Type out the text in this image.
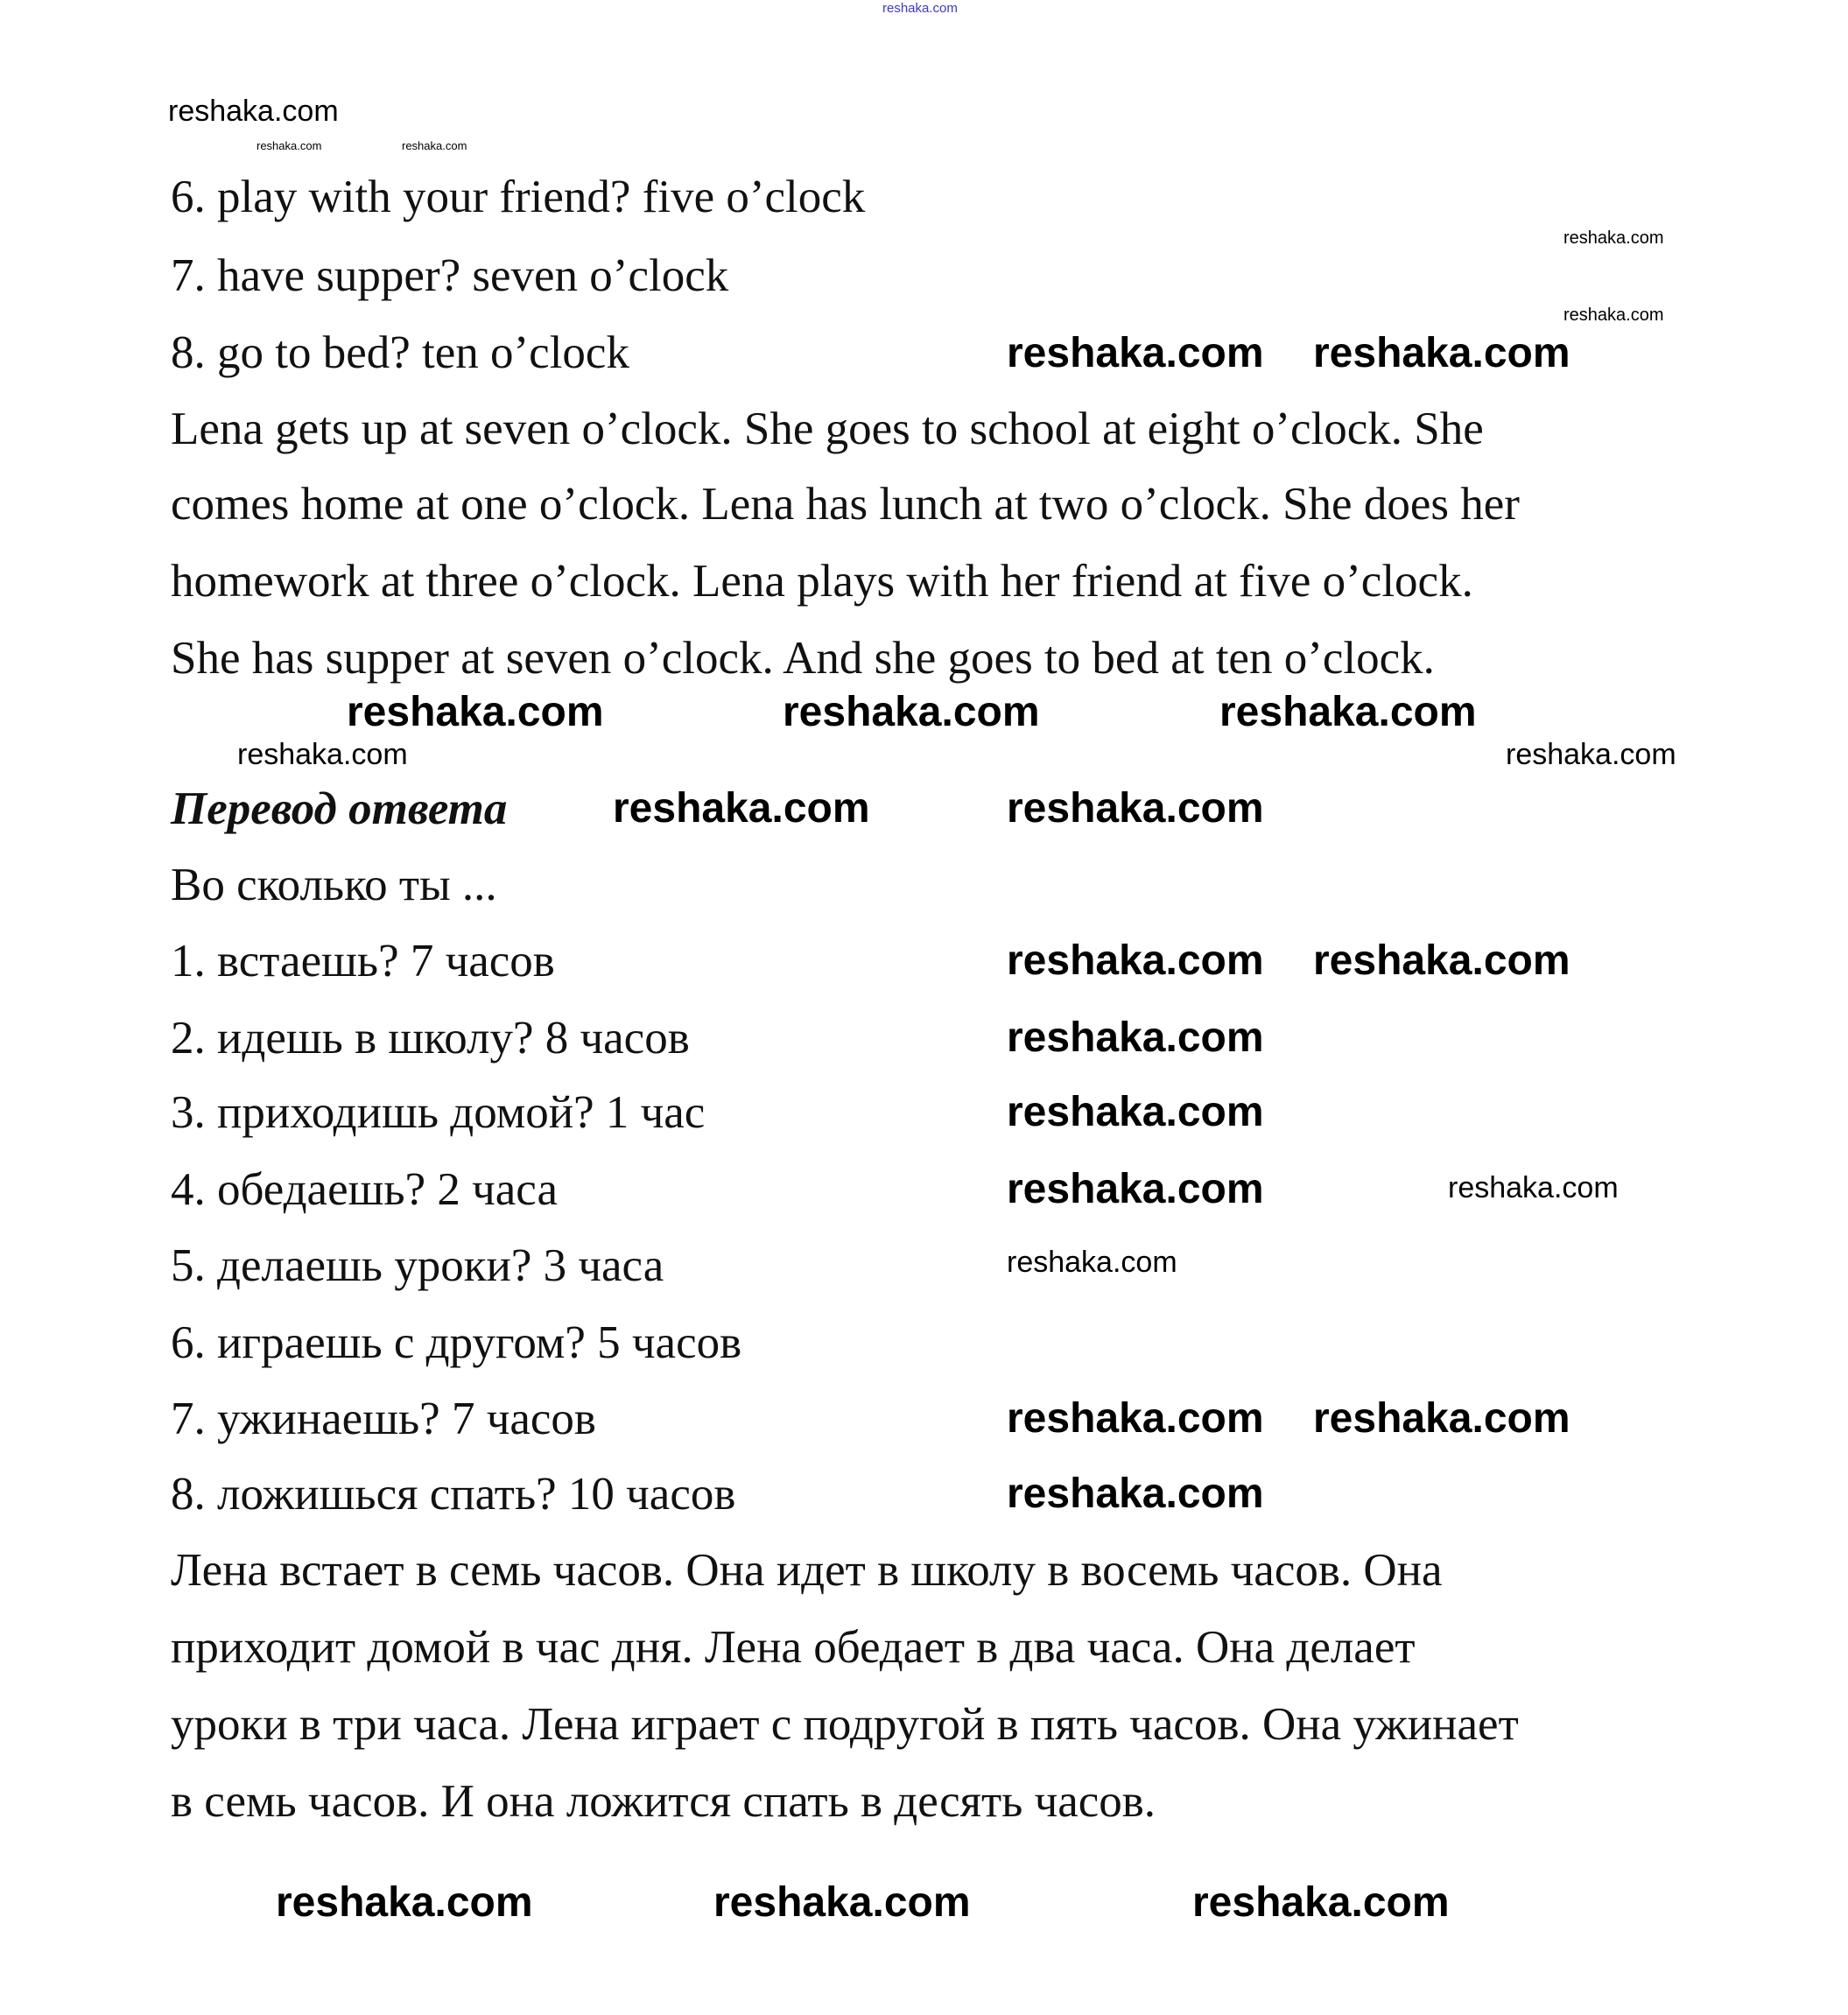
reshaka.com
6. play with your friend? five o’clock
7. have supper? seven o’clock
8. go to bed? ten o’clock
Lena gets up at seven o’clock. She goes to school at eight o’clock. She
comes home at one o’clock. Lena has lunch at two o’clock. She does her
homework at three o’clock. Lena plays with her friend at five o’clock.
She has supper at seven o’clock. And she goes to bed at ten o’clock.
Перевод ответа
Во сколько ты ...
1. встаешь? 7 часов
2. идешь в школу? 8 часов
3. приходишь домой? 1 час
4. обедаешь? 2 часа
5. делаешь уроки? 3 часа
6. играешь с другом? 5 часов
7. ужинаешь? 7 часов
8. ложишься спать? 10 часов
Лена встает в семь часов. Она идет в школу в восемь часов. Она
приходит домой в час дня. Лена обедает в два часа. Она делает
уроки в три часа. Лена играет с подругой в пять часов. Она ужинает
в семь часов. И она ложится спать в десять часов.
reshaka.com
reshaka.com	reshaka.com
reshaka.com
reshaka.com
reshaka.com reshaka.com
reshaka.com	reshaka.com	reshaka.com
reshaka.com
reshaka.com
reshaka.com	reshaka.com
reshaka.com reshaka.com
reshaka.com
reshaka.com
reshaka.com
reshaka.com
reshaka.com
reshaka.com reshaka.com
reshaka.com
reshaka.com	reshaka.com	reshaka.com
